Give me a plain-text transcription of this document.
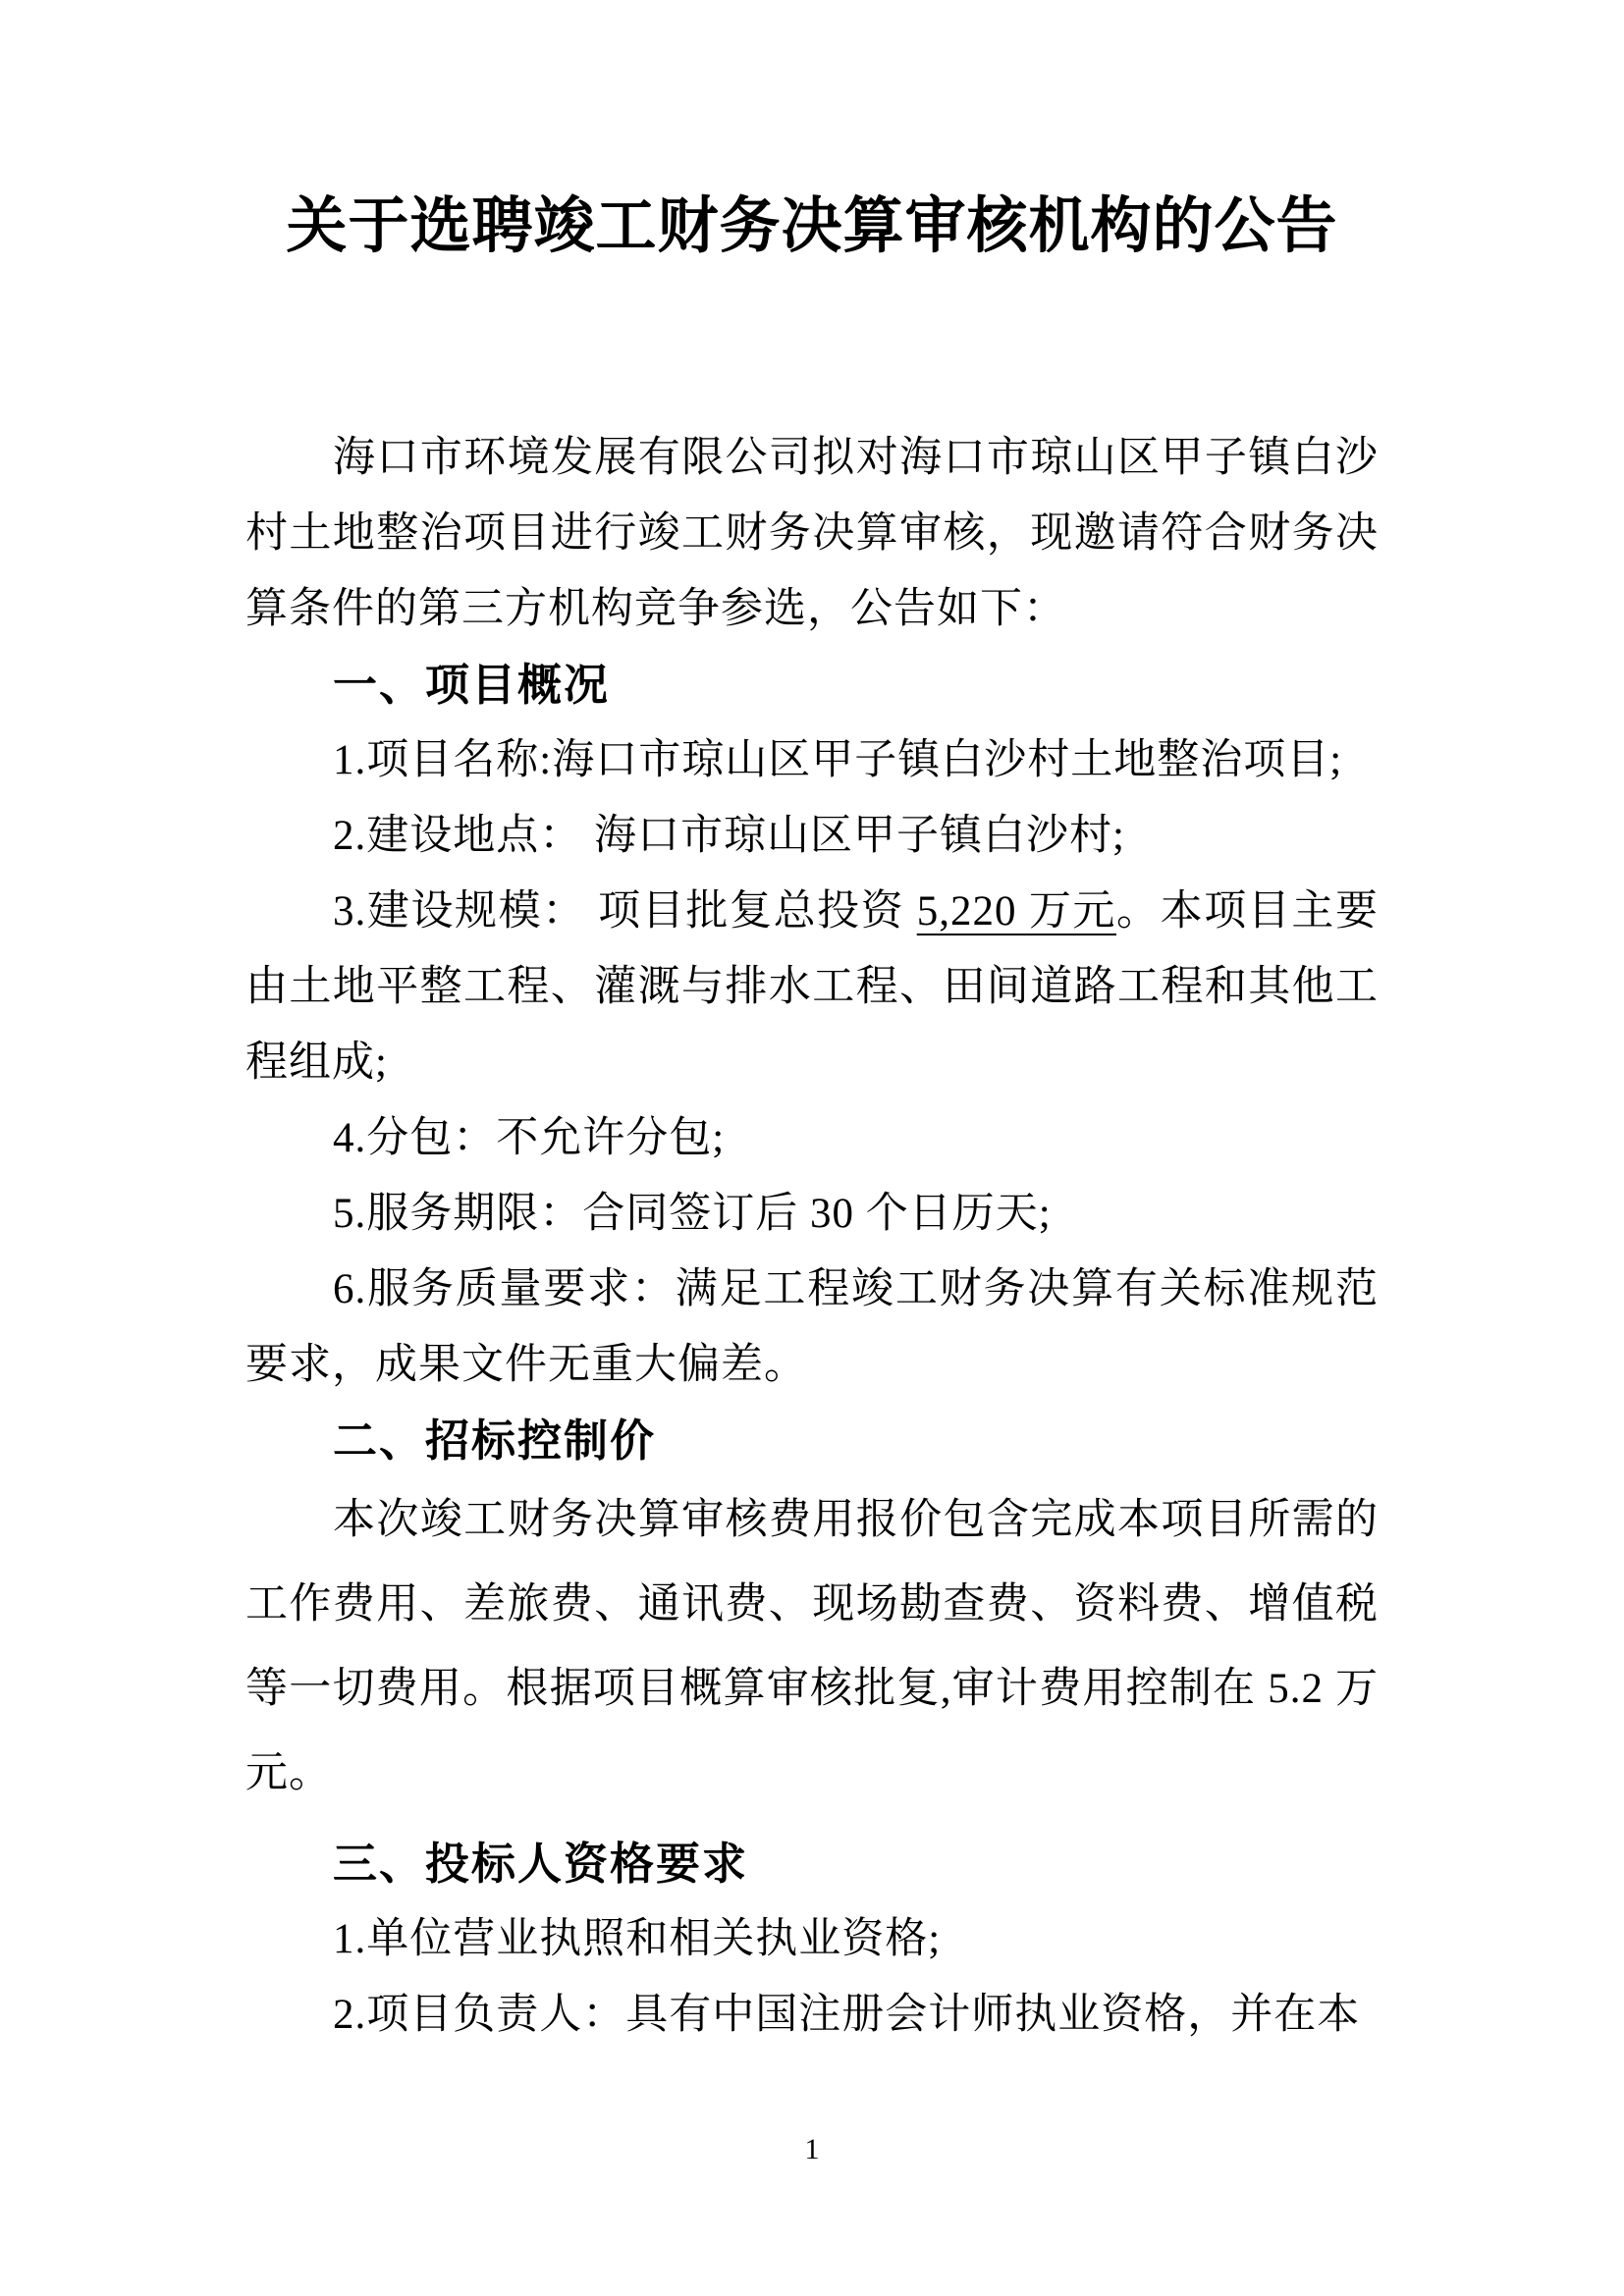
关于选聘竣工财务决算审核机构的公告

海口市环境发展有限公司拟对海口市琼山区甲子镇白沙村土地整治项目进行竣工财务决算审核，现邀请符合财务决算条件的第三方机构竞争参选，公告如下：

一、项目概况

1.项目名称:海口市琼山区甲子镇白沙村土地整治项目;

2.建设地点： 海口市琼山区甲子镇白沙村;

3.建设规模： 项目批复总投资 5,220 万元。本项目主要由土地平整工程、灌溉与排水工程、田间道路工程和其他工程组成;

4.分包：不允许分包;

5.服务期限：合同签订后 30 个日历天;

6.服务质量要求：满足工程竣工财务决算有关标准规范要求，成果文件无重大偏差。

二、招标控制价

本次竣工财务决算审核费用报价包含完成本项目所需的工作费用、差旅费、通讯费、现场勘查费、资料费、增值税等一切费用。根据项目概算审核批复,审计费用控制在 5.2 万元。

三、投标人资格要求

1.单位营业执照和相关执业资格;

2.项目负责人：具有中国注册会计师执业资格，并在本

1
